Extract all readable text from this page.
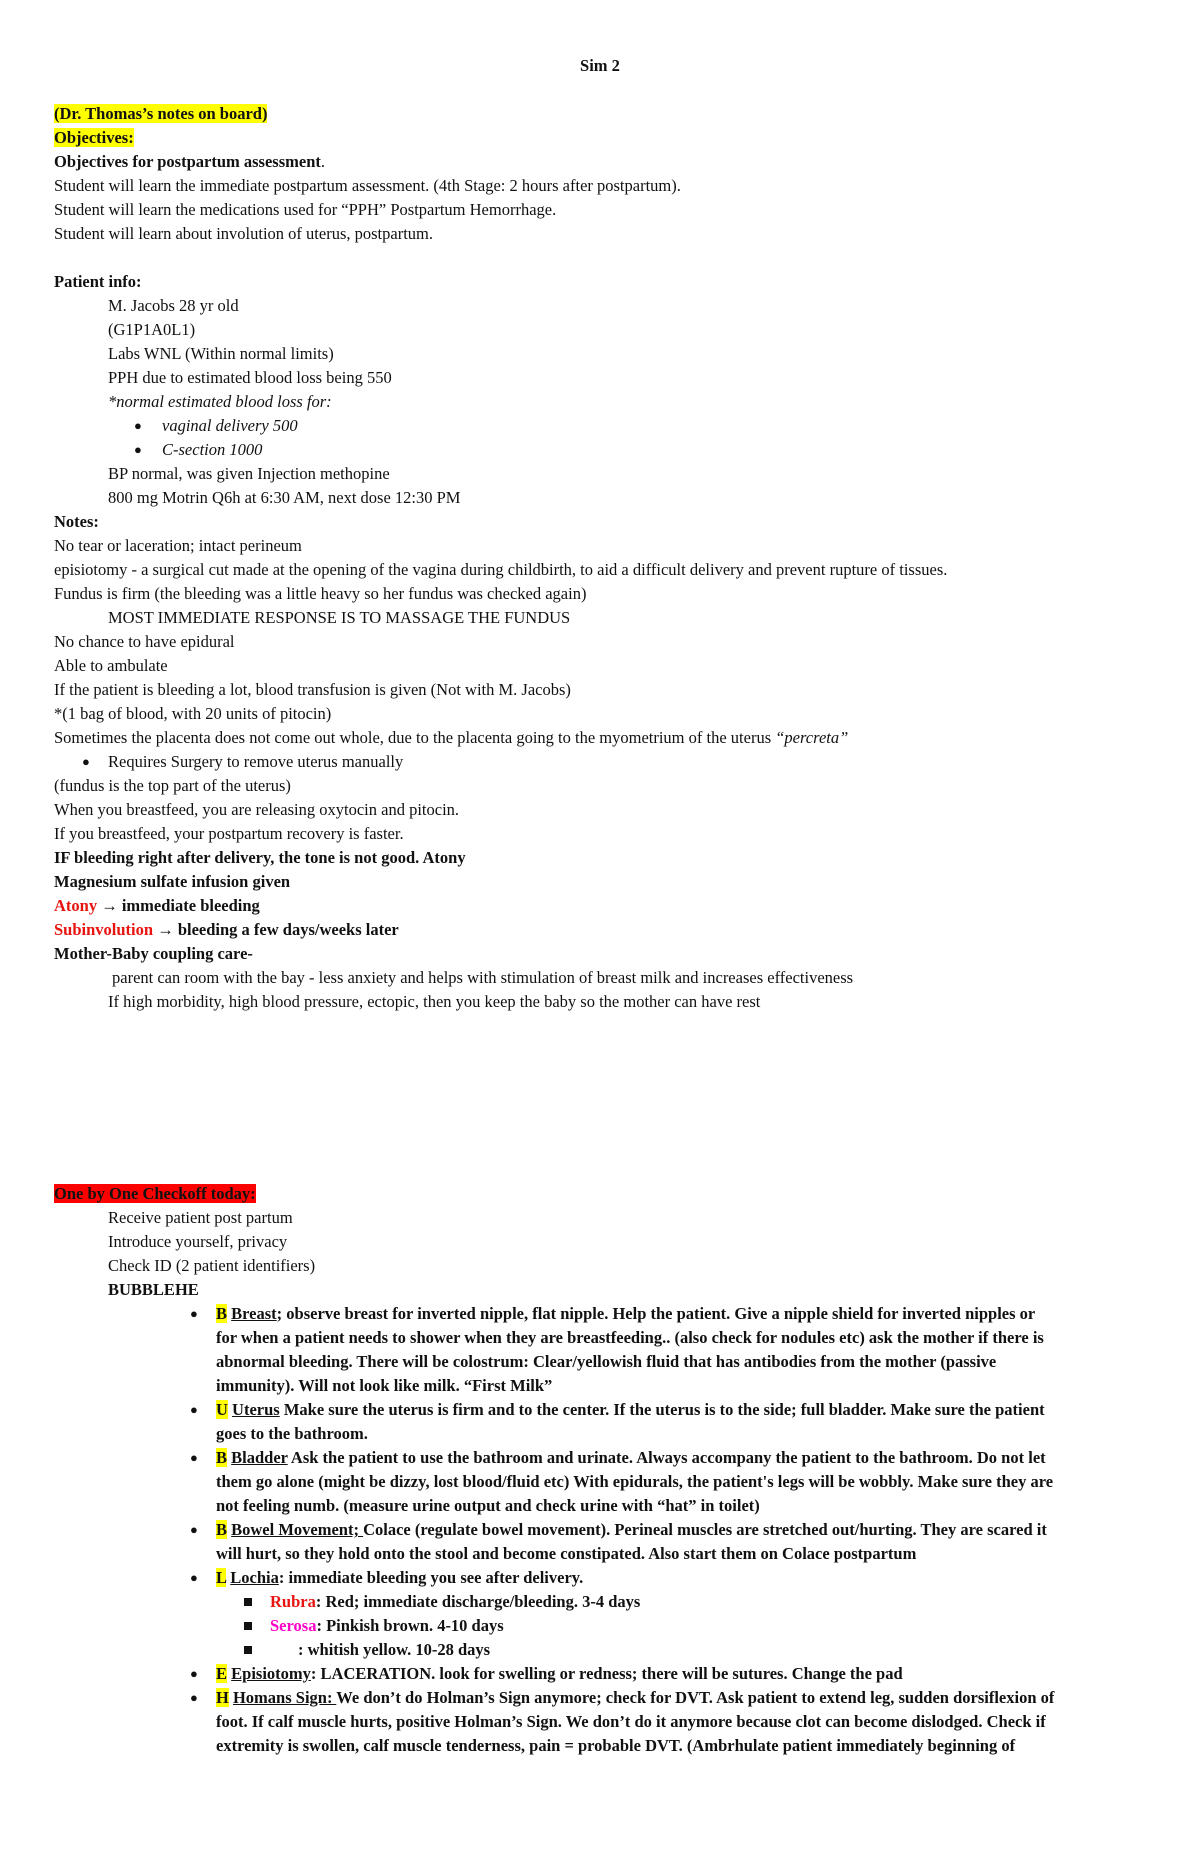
Sim 2
(Dr. Thomas’s notes on board)
Objectives:
Objectives for postpartum assessment.
Student will learn the immediate postpartum assessment. (4th Stage: 2 hours after postpartum).
Student will learn the medications used for “PPH” Postpartum Hemorrhage.
Student will learn about involution of uterus, postpartum.
Patient info:
M. Jacobs 28 yr old
(G1P1A0L1)
Labs WNL (Within normal limits)
PPH due to estimated blood loss being 550
*normal estimated blood loss for:
● vaginal delivery 500
● C-section 1000
BP normal, was given Injection methopine
800 mg Motrin Q6h at 6:30 AM, next dose 12:30 PM
Notes:
No tear or laceration; intact perineum
episiotomy - a surgical cut made at the opening of the vagina during childbirth, to aid a difficult delivery and prevent rupture of tissues.
Fundus is firm (the bleeding was a little heavy so her fundus was checked again)
MOST IMMEDIATE RESPONSE IS TO MASSAGE THE FUNDUS
No chance to have epidural
Able to ambulate
If the patient is bleeding a lot, blood transfusion is given (Not with M. Jacobs)
*(1 bag of blood, with 20 units of pitocin)
Sometimes the placenta does not come out whole, due to the placenta going to the myometrium of the uterus “percreta”
● Requires Surgery to remove uterus manually
(fundus is the top part of the uterus)
When you breastfeed, you are releasing oxytocin and pitocin.
If you breastfeed, your postpartum recovery is faster.
IF bleeding right after delivery, the tone is not good. Atony
Magnesium sulfate infusion given
Atony → immediate bleeding
Subinvolution → bleeding a few days/weeks later
Mother-Baby coupling care-
parent can room with the bay - less anxiety and helps with stimulation of breast milk and increases effectiveness
If high morbidity, high blood pressure, ectopic, then you keep the baby so the mother can have rest
One by One Checkoff today:
Receive patient post partum
Introduce yourself, privacy
Check ID (2 patient identifiers)
BUBBLEHE
● B Breast; observe breast for inverted nipple, flat nipple. Help the patient. Give a nipple shield for inverted nipples or
for when a patient needs to shower when they are breastfeeding.. (also check for nodules etc) ask the mother if there is
abnormal bleeding. There will be colostrum: Clear/yellowish fluid that has antibodies from the mother (passive
immunity). Will not look like milk. “First Milk”
● U Uterus Make sure the uterus is firm and to the center. If the uterus is to the side; full bladder. Make sure the patient
goes to the bathroom.
● B Bladder Ask the patient to use the bathroom and urinate. Always accompany the patient to the bathroom. Do not let
them go alone (might be dizzy, lost blood/fluid etc) With epidurals, the patient's legs will be wobbly. Make sure they are
not feeling numb. (measure urine output and check urine with “hat” in toilet)
● B Bowel Movement; Colace (regulate bowel movement). Perineal muscles are stretched out/hurting. They are scared it
will hurt, so they hold onto the stool and become constipated. Also start them on Colace postpartum
● L Lochia: immediate bleeding you see after delivery.
Rubra: Red; immediate discharge/bleeding. 3-4 days
Serosa: Pinkish brown. 4-10 days
: whitish yellow. 10-28 days
● E Episiotomy: LACERATION. look for swelling or redness; there will be sutures. Change the pad
● H Homans Sign: We don’t do Holman’s Sign anymore; check for DVT. Ask patient to extend leg, sudden dorsiflexion of
foot. If calf muscle hurts, positive Holman’s Sign. We don’t do it anymore because clot can become dislodged. Check if
extremity is swollen, calf muscle tenderness, pain = probable DVT. (Ambrhulate patient immediately beginning of
